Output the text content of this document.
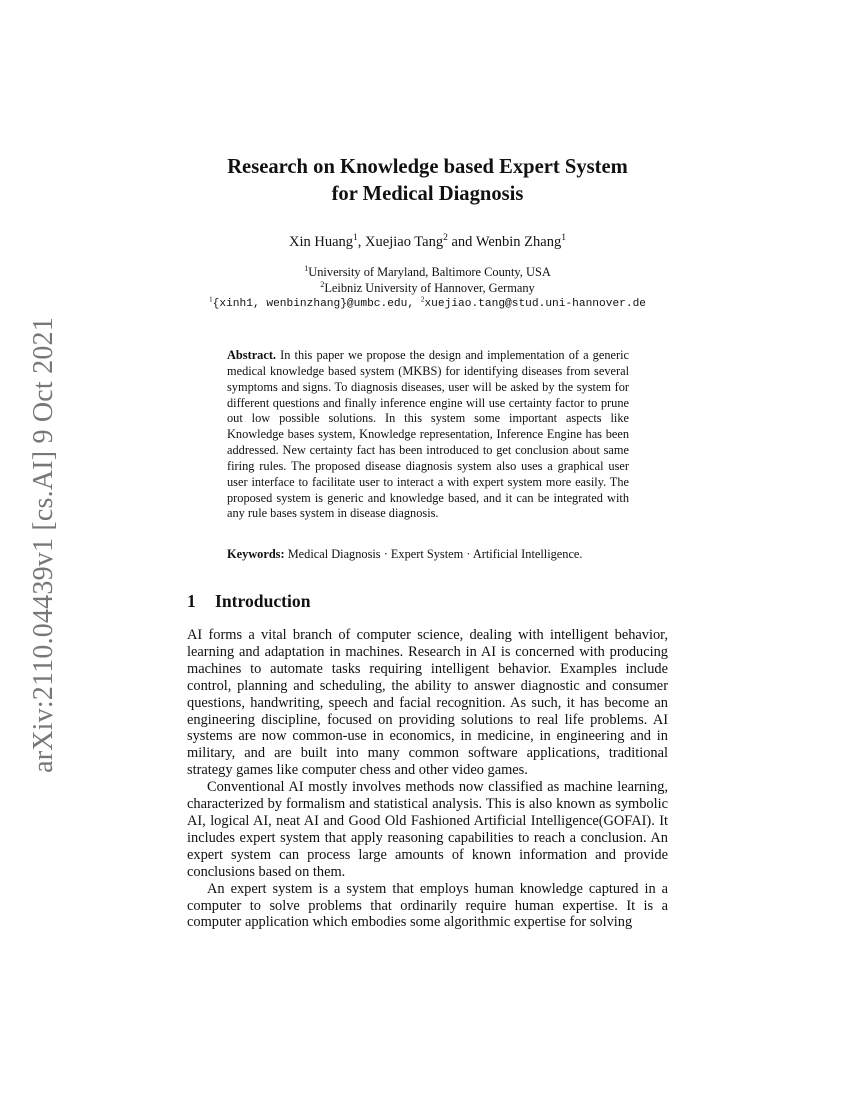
arXiv:2110.04439v1 [cs.AI] 9 Oct 2021
Research on Knowledge based Expert System
for Medical Diagnosis
Xin Huang$^1$, Xuejiao Tang$^2$ and Wenbin Zhang$^1$
$^1$University of Maryland, Baltimore County, USA
$^2$Leibniz University of Hannover, Germany
$^1${xinh1, wenbinzhang}@umbc.edu, $^2$xuejiao.tang@stud.uni-hannover.de
Abstract. In this paper we propose the design and implementation of a generic medical knowledge based system (MKBS) for identifying diseases from several symptoms and signs. To diagnosis diseases, user will be asked by the system for different questions and finally inference engine will use certainty factor to prune out low possible solutions. In this system some important aspects like Knowledge bases system, Knowledge representation, Inference Engine has been addressed. New certainty fact has been introduced to get conclusion about same firing rules. The proposed disease diagnosis system also uses a graphical user user interface to facilitate user to interact a with expert system more easily. The proposed system is generic and knowledge based, and it can be integrated with any rule bases system in disease diagnosis.
Keywords: Medical Diagnosis · Expert System · Artificial Intelligence.
1 Introduction

AI forms a vital branch of computer science, dealing with intelligent behavior, learning and adaptation in machines. Research in AI is concerned with producing machines to automate tasks requiring intelligent behavior. Examples include control, planning and scheduling, the ability to answer diagnostic and consumer questions, handwriting, speech and facial recognition. As such, it has become an engineering discipline, focused on providing solutions to real life problems. AI systems are now common-use in economics, in medicine, in engineering and in military, and are built into many common software applications, traditional strategy games like computer chess and other video games.

Conventional AI mostly involves methods now classified as machine learning, characterized by formalism and statistical analysis. This is also known as symbolic AI, logical AI, neat AI and Good Old Fashioned Artificial Intelligence(GOFAI). It includes expert system that apply reasoning capabilities to reach a conclusion. An expert system can process large amounts of known information and provide conclusions based on them.

An expert system is a system that employs human knowledge captured in a computer to solve problems that ordinarily require human expertise. It is a computer application which embodies some algorithmic expertise for solving
